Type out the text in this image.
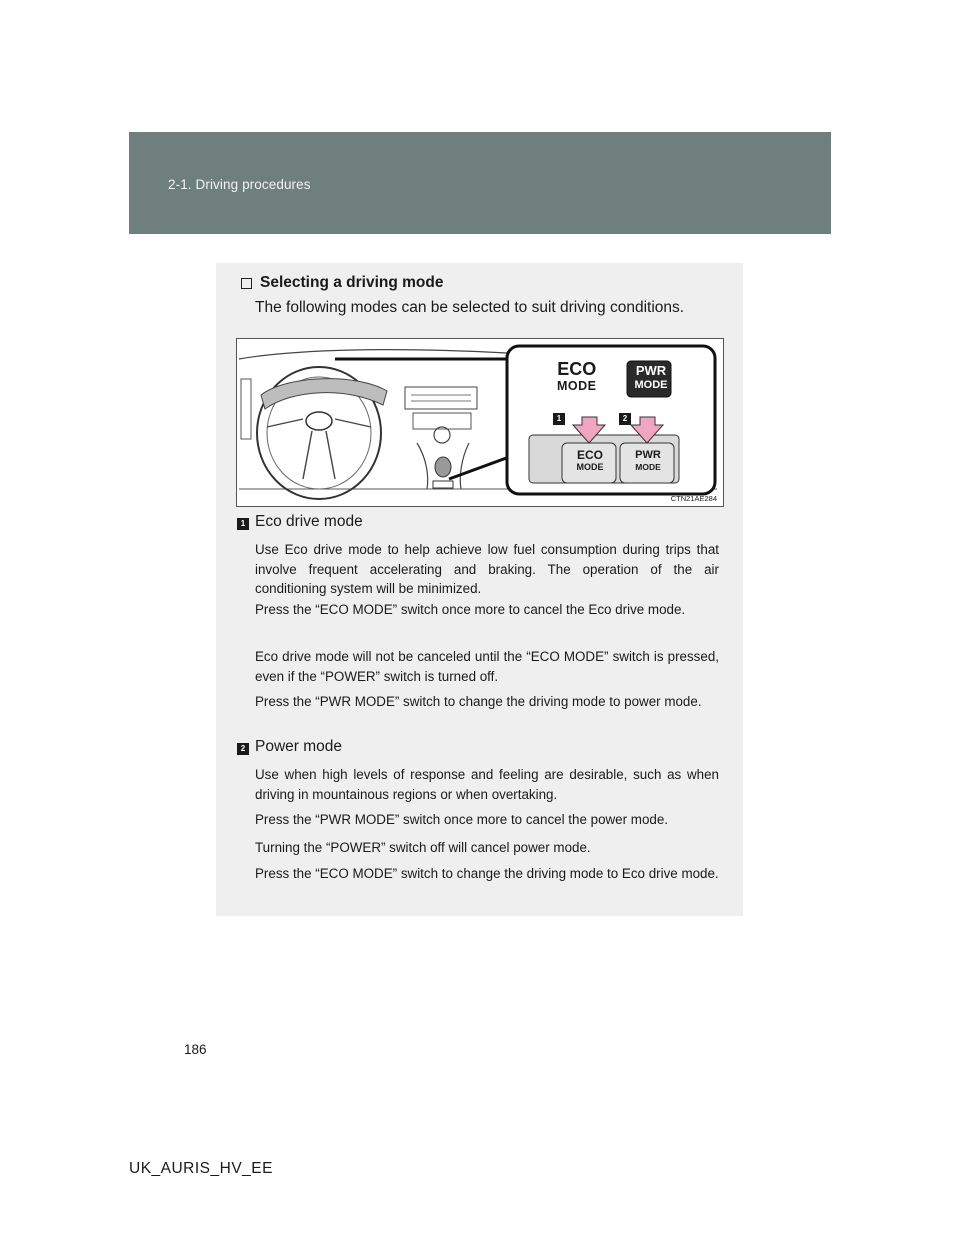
2-1. Driving procedures
Selecting a driving mode
The following modes can be selected to suit driving conditions.
ECO
MODE
PWR
MODE
ECO
MODE
PWR
MODE
1	2
CTN21AE284
1 Eco drive mode
Use Eco drive mode to help achieve low fuel consumption during trips that involve frequent accelerating and braking. The operation of the air conditioning system will be minimized.
Press the “ECO MODE” switch once more to cancel the Eco drive mode.
Eco drive mode will not be canceled until the “ECO MODE” switch is pressed, even if the “POWER” switch is turned off.
Press the “PWR MODE” switch to change the driving mode to power mode.
2 Power mode
Use when high levels of response and feeling are desirable, such as when driving in mountainous regions or when overtaking.
Press the “PWR MODE” switch once more to cancel the power mode.
Turning the “POWER” switch off will cancel power mode.
Press the “ECO MODE” switch to change the driving mode to Eco drive mode.
186
UK_AURIS_HV_EE
